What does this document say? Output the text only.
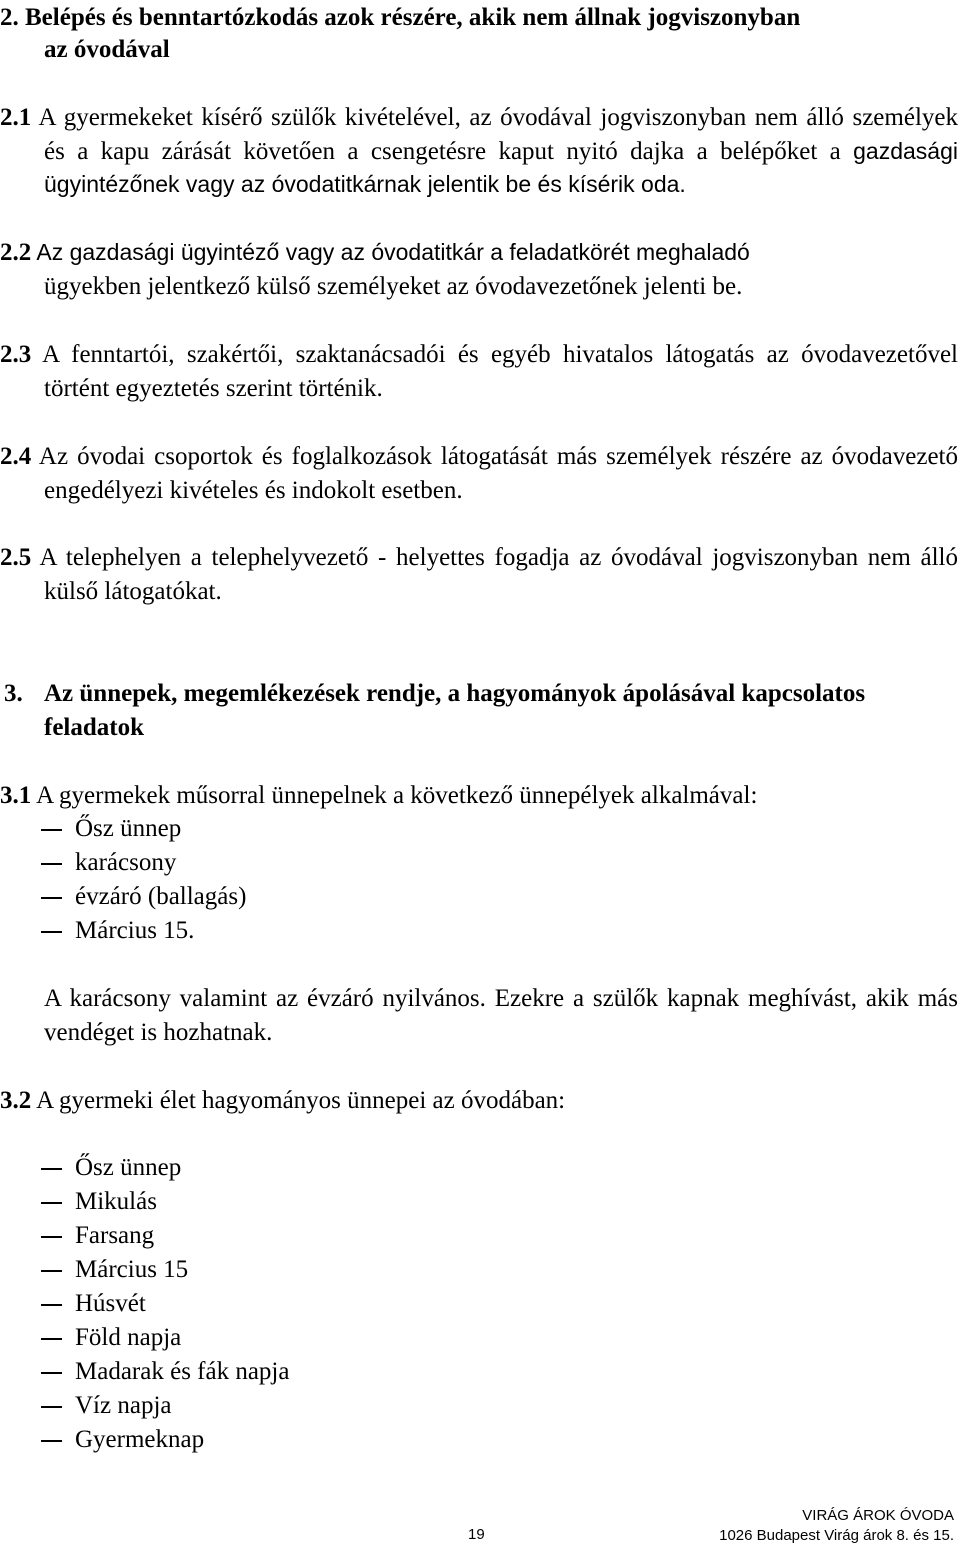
2. Belépés és benntartózkodás azok részére, akik nem állnak jogviszonyban
az óvodával
2.1 A gyermekeket kísérő szülők kivételével, az óvodával jogviszonyban nem álló személyek és a kapu zárását követően a csengetésre kaput nyitó dajka a belépőket a gazdasági ügyintézőnek vagy az óvodatitkárnak jelentik be és kísérik oda.
2.2 Az gazdasági ügyintéző vagy az óvodatitkár a feladatkörét meghaladó
ügyekben jelentkező külső személyeket az óvodavezetőnek jelenti be.
2.3 A fenntartói, szakértői, szaktanácsadói és egyéb hivatalos látogatás az óvodavezetővel történt egyeztetés szerint történik.
2.4 Az óvodai csoportok és foglalkozások látogatását más személyek részére az óvodavezető engedélyezi kivételes és indokolt esetben.
2.5 A telephelyen a telephelyvezető - helyettes fogadja az óvodával jogviszonyban nem álló külső látogatókat.
3. Az ünnepek, megemlékezések rendje, a hagyományok ápolásával kapcsolatos feladatok
3.1 A gyermekek műsorral ünnepelnek a következő ünnepélyek alkalmával:
Ősz ünnep
karácsony
évzáró (ballagás)
Március 15.
A karácsony valamint az évzáró nyilvános. Ezekre a szülők kapnak meghívást, akik más vendéget is hozhatnak.
3.2 A gyermeki élet hagyományos ünnepei az óvodában:
Ősz ünnep
Mikulás
Farsang
Március 15
Húsvét
Föld napja
Madarak és fák napja
Víz napja
Gyermeknap
19
VIRÁG ÁROK ÓVODA
1026 Budapest Virág árok 8. és 15.
